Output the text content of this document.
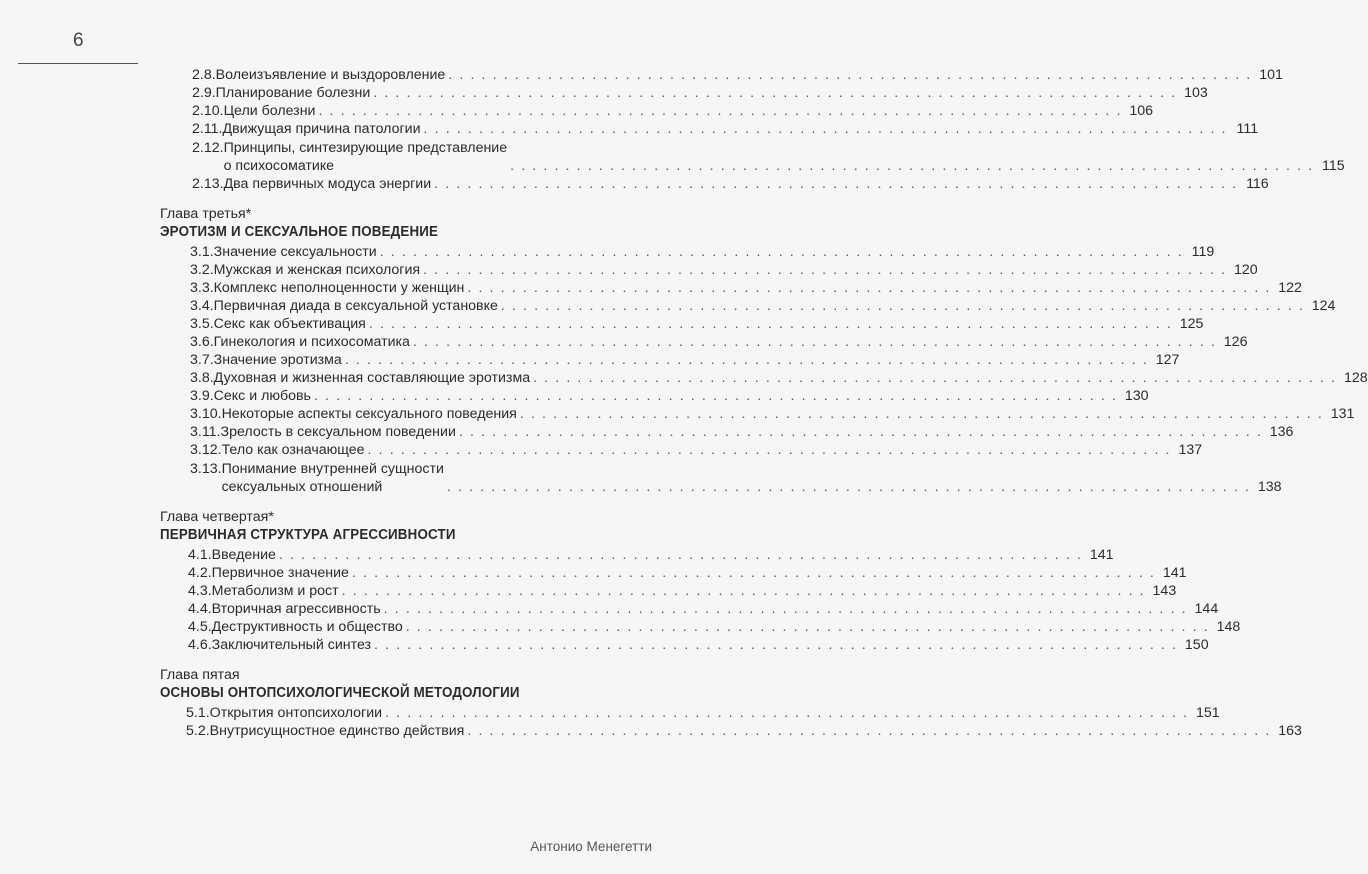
6
2.8. Волеизъявление и выздоровление . . . . . . . . . . . . . . . . . . . . . . . . . . . . . . . . . . . . . . . . . . . . . . . . . . . . . . . . . . . . . . . . . . . . . . . . . 101
2.9. Планирование болезни . . . . . . . . . . . . . . . . . . . . . . . . . . . . . . . . . . . . . . . . . . . . . . . . . . . . . . . . . . . . . . . . . . . . . . . . . 103
2.10. Цели болезни . . . . . . . . . . . . . . . . . . . . . . . . . . . . . . . . . . . . . . . . . . . . . . . . . . . . . . . . . . . . . . . . . . . . . . . . . 106
2.11. Движущая причина патологии . . . . . . . . . . . . . . . . . . . . . . . . . . . . . . . . . . . . . . . . . . . . . . . . . . . . . . . . . . . . . . . . . . . . . . . . . 111
2.12. Принципы, синтезирующие представление
о психосоматике	. . . . . . . . . . . . . . . . . . . . . . . . . . . . . . . . . . . . . . . . . . . . . . . . . . . . . . . . . . . . . . . . . . . . . . . . . 115
2.13. Два первичных модуса энергии . . . . . . . . . . . . . . . . . . . . . . . . . . . . . . . . . . . . . . . . . . . . . . . . . . . . . . . . . . . . . . . . . . . . . . . . . 116
Глава третья*
ЭРОТИЗМ И СЕКСУАЛЬНОЕ ПОВЕДЕНИЕ
3.1. Значение сексуальности . . . . . . . . . . . . . . . . . . . . . . . . . . . . . . . . . . . . . . . . . . . . . . . . . . . . . . . . . . . . . . . . . . . . . . . . . 119
3.2. Мужская и женская психология . . . . . . . . . . . . . . . . . . . . . . . . . . . . . . . . . . . . . . . . . . . . . . . . . . . . . . . . . . . . . . . . . . . . . . . . . 120
3.3. Комплекс неполноценности у женщин . . . . . . . . . . . . . . . . . . . . . . . . . . . . . . . . . . . . . . . . . . . . . . . . . . . . . . . . . . . . . . . . . . . . . . . . . 122
3.4. Первичная диада в сексуальной установке . . . . . . . . . . . . . . . . . . . . . . . . . . . . . . . . . . . . . . . . . . . . . . . . . . . . . . . . . . . . . . . . . . . . . . . . . 124
3.5. Секс как объективация . . . . . . . . . . . . . . . . . . . . . . . . . . . . . . . . . . . . . . . . . . . . . . . . . . . . . . . . . . . . . . . . . . . . . . . . . 125
3.6. Гинекология и психосоматика . . . . . . . . . . . . . . . . . . . . . . . . . . . . . . . . . . . . . . . . . . . . . . . . . . . . . . . . . . . . . . . . . . . . . . . . . 126
3.7. Значение эротизма . . . . . . . . . . . . . . . . . . . . . . . . . . . . . . . . . . . . . . . . . . . . . . . . . . . . . . . . . . . . . . . . . . . . . . . . . 127
3.8. Духовная и жизненная составляющие эротизма . . . . . . . . . . . . . . . . . . . . . . . . . . . . . . . . . . . . . . . . . . . . . . . . . . . . . . . . . . . . . . . . . . . . . . . . . 128
3.9. Секс и любовь . . . . . . . . . . . . . . . . . . . . . . . . . . . . . . . . . . . . . . . . . . . . . . . . . . . . . . . . . . . . . . . . . . . . . . . . . 130
3.10. Некоторые аспекты сексуального поведения . . . . . . . . . . . . . . . . . . . . . . . . . . . . . . . . . . . . . . . . . . . . . . . . . . . . . . . . . . . . . . . . . . . . . . . . . 131
3.11. Зрелость в сексуальном поведении . . . . . . . . . . . . . . . . . . . . . . . . . . . . . . . . . . . . . . . . . . . . . . . . . . . . . . . . . . . . . . . . . . . . . . . . . 136
3.12. Тело как означающее . . . . . . . . . . . . . . . . . . . . . . . . . . . . . . . . . . . . . . . . . . . . . . . . . . . . . . . . . . . . . . . . . . . . . . . . . 137
3.13. Понимание внутренней сущности
сексуальных отношений	. . . . . . . . . . . . . . . . . . . . . . . . . . . . . . . . . . . . . . . . . . . . . . . . . . . . . . . . . . . . . . . . . . . . . . . . . 138
Глава четвертая*
ПЕРВИЧНАЯ СТРУКТУРА АГРЕССИВНОСТИ
4.1. Введение . . . . . . . . . . . . . . . . . . . . . . . . . . . . . . . . . . . . . . . . . . . . . . . . . . . . . . . . . . . . . . . . . . . . . . . . . 141
4.2. Первичное значение . . . . . . . . . . . . . . . . . . . . . . . . . . . . . . . . . . . . . . . . . . . . . . . . . . . . . . . . . . . . . . . . . . . . . . . . . 141
4.3. Метаболизм и рост . . . . . . . . . . . . . . . . . . . . . . . . . . . . . . . . . . . . . . . . . . . . . . . . . . . . . . . . . . . . . . . . . . . . . . . . . 143
4.4. Вторичная агрессивность . . . . . . . . . . . . . . . . . . . . . . . . . . . . . . . . . . . . . . . . . . . . . . . . . . . . . . . . . . . . . . . . . . . . . . . . . 144
4.5. Деструктивность и общество . . . . . . . . . . . . . . . . . . . . . . . . . . . . . . . . . . . . . . . . . . . . . . . . . . . . . . . . . . . . . . . . . . . . . . . . . 148
4.6. Заключительный синтез . . . . . . . . . . . . . . . . . . . . . . . . . . . . . . . . . . . . . . . . . . . . . . . . . . . . . . . . . . . . . . . . . . . . . . . . . 150
Глава пятая
ОСНОВЫ ОНТОПСИХОЛОГИЧЕСКОЙ МЕТОДОЛОГИИ
5.1. Открытия онтопсихологии . . . . . . . . . . . . . . . . . . . . . . . . . . . . . . . . . . . . . . . . . . . . . . . . . . . . . . . . . . . . . . . . . . . . . . . . . 151
5.2. Внутрисущностное единство действия . . . . . . . . . . . . . . . . . . . . . . . . . . . . . . . . . . . . . . . . . . . . . . . . . . . . . . . . . . . . . . . . . . . . . . . . . 163
Антонио Менегетти
